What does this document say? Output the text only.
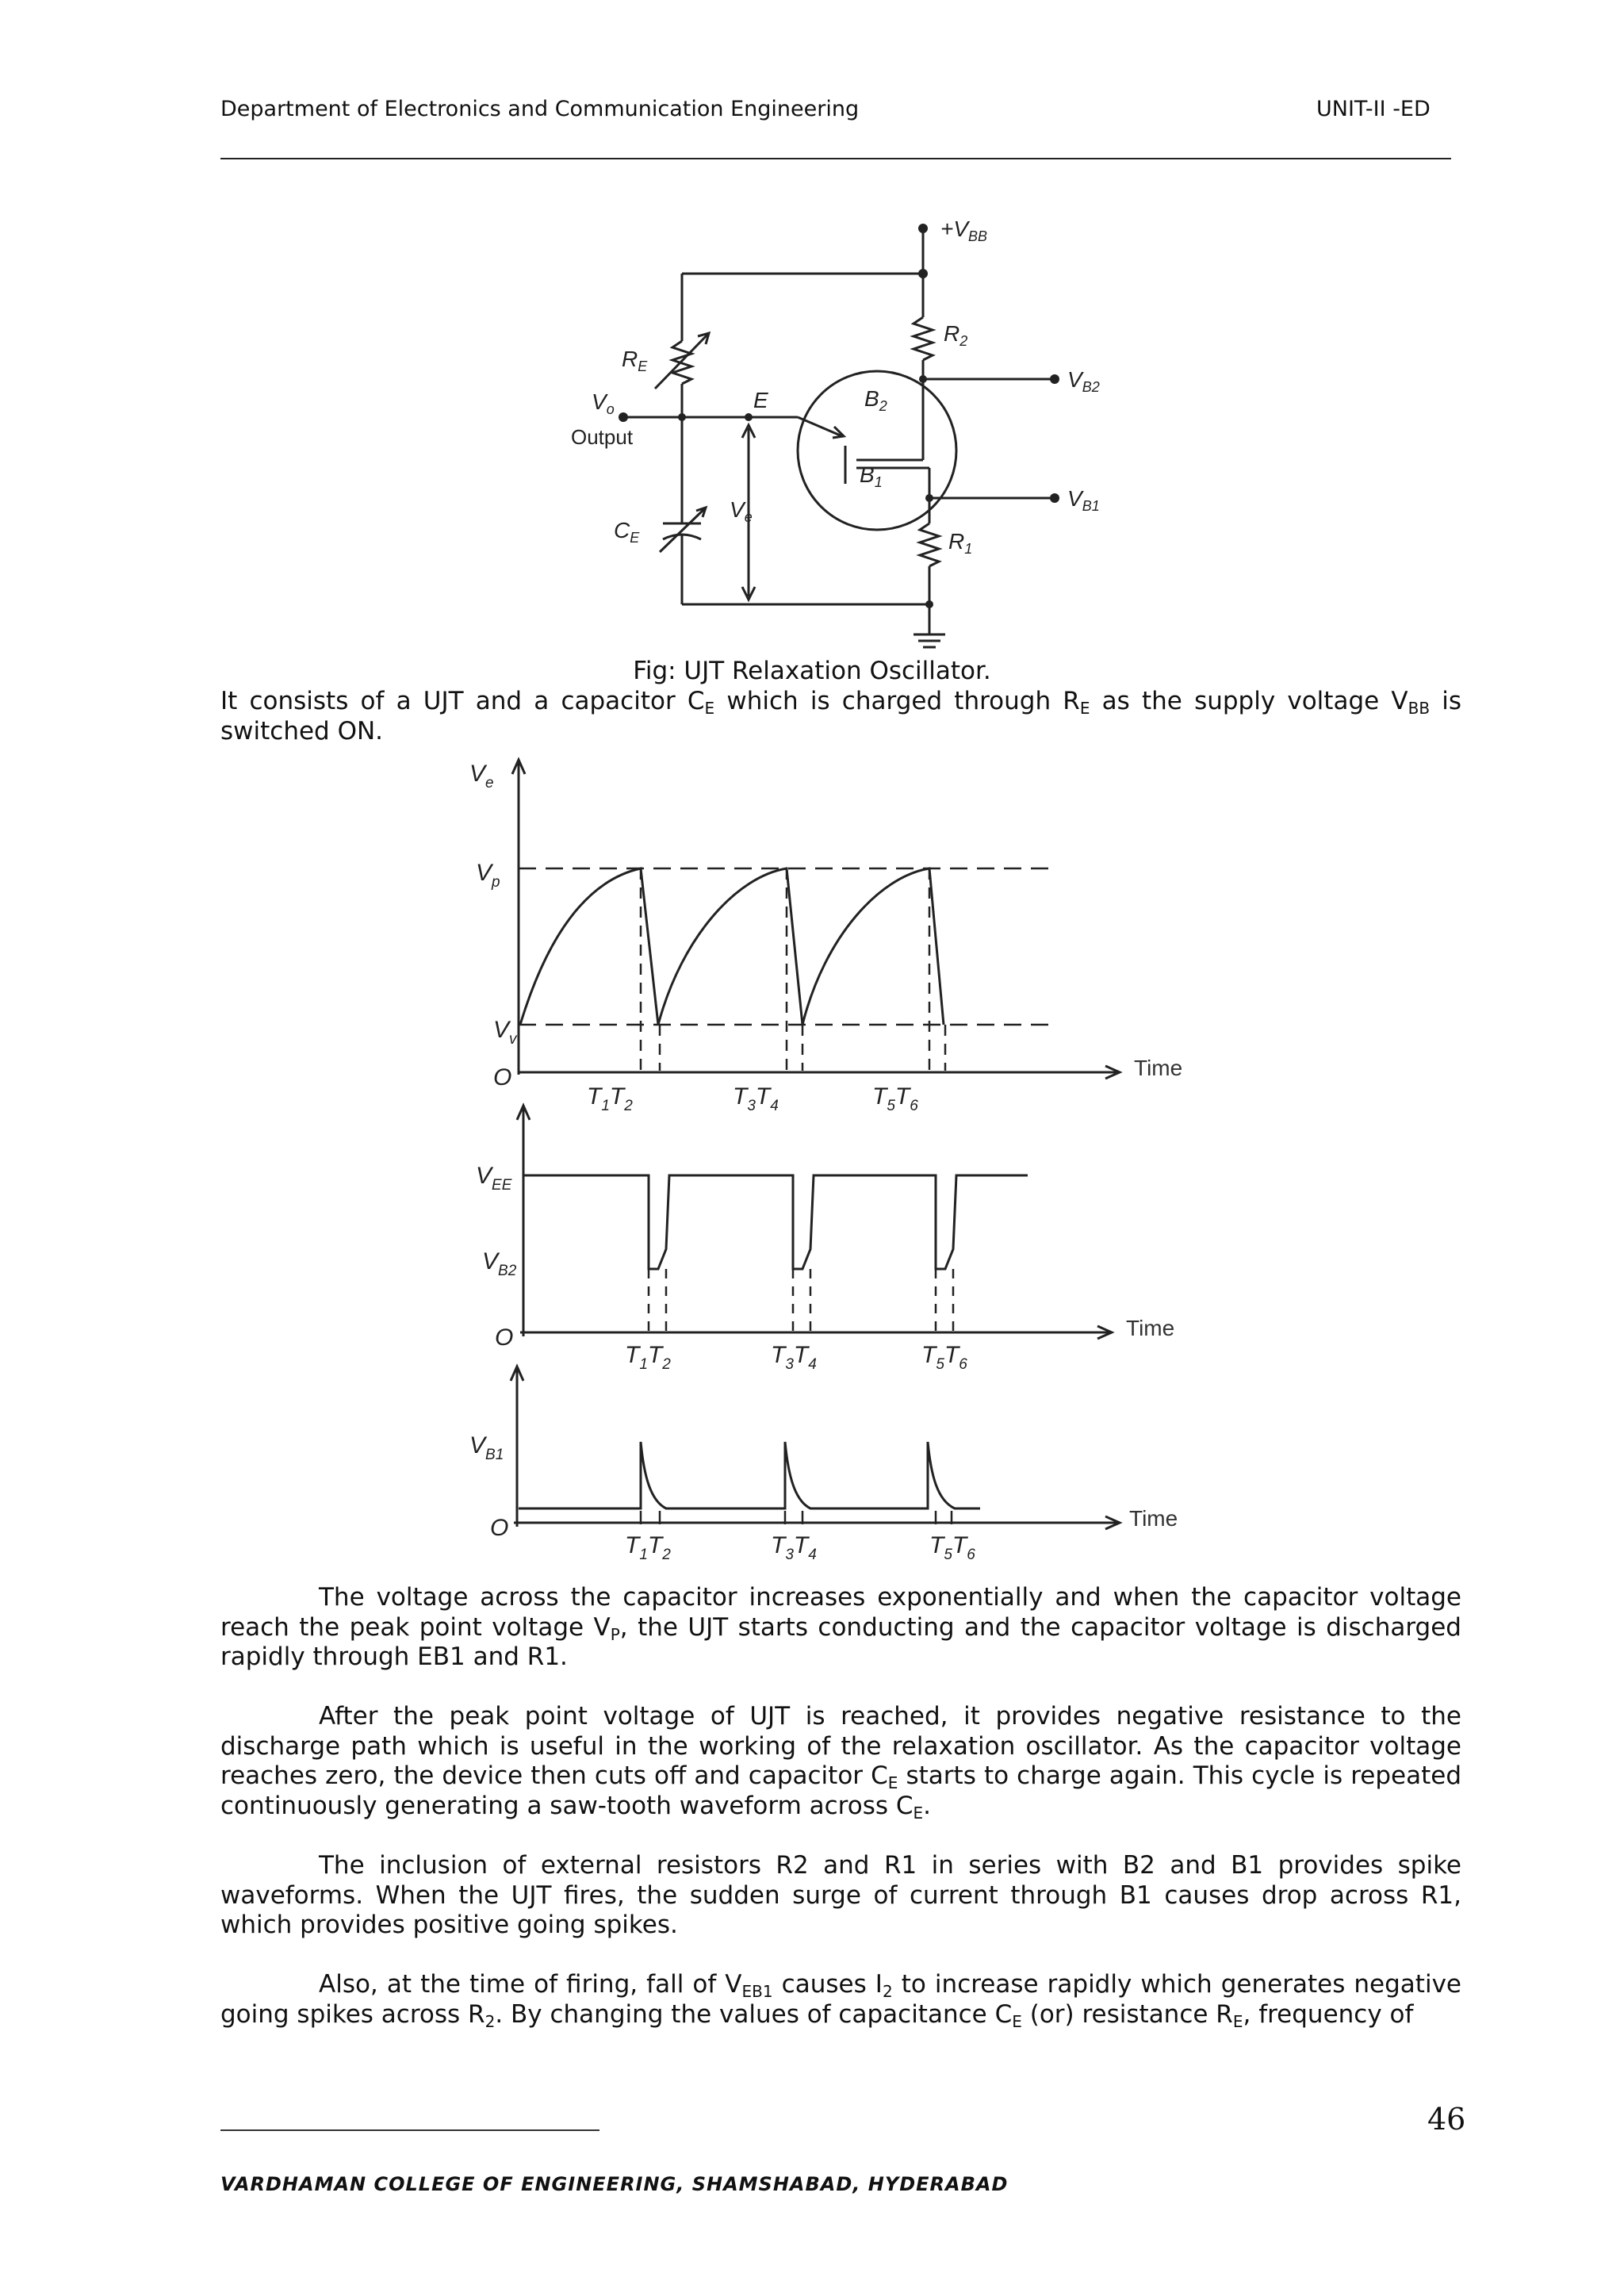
Department of Electronics and Communication Engineering	UNIT-II -ED
$+V_{BB}$
$R_2$
$V_{B2}$
$V_{B1}$
$R_1$
$R_E$
$V_o$	E	$B_2$
$B_1$
$C_E$
$V_e$
Output
Fig: UJT Relaxation Oscillator.
It consists of a UJT and a capacitor $C_E$ which is charged through $R_E$ as the supply voltage $V_{BB}$ is switched ON.
$V_e$
$V_p$
$V_v$
O
$T_1T_2$	$T_3T_4$	$T_5T_6$
$V_{EE}$
$V_{B2}$
O
$T_1T_2$	$T_3T_4$	$T_5T_6$
$V_{B1}$
O
$T_1T_2$	$T_3T_4$	$T_5T_6$
Time
Time
Time
The voltage across the capacitor increases exponentially and when the capacitor voltage reach the peak point voltage $V_P$, the UJT starts conducting and the capacitor voltage is discharged rapidly through EB1 and R1.
After the peak point voltage of UJT is reached, it provides negative resistance to the discharge path which is useful in the working of the relaxation oscillator. As the capacitor voltage reaches zero, the device then cuts off and capacitor $C_E$ starts to charge again. This cycle is repeated continuously generating a saw-tooth waveform across $C_E$.
The inclusion of external resistors R2 and R1 in series with B2 and B1 provides spike waveforms. When the UJT fires, the sudden surge of current through B1 causes drop across R1, which provides positive going spikes.
Also, at the time of firing, fall of $V_{EB1}$ causes $I_2$ to increase rapidly which generates negative going spikes across $R_2$. By changing the values of capacitance $C_E$ (or) resistance $R_E$, frequency of
46
VARDHAMAN COLLEGE OF ENGINEERING, SHAMSHABAD, HYDERABAD
